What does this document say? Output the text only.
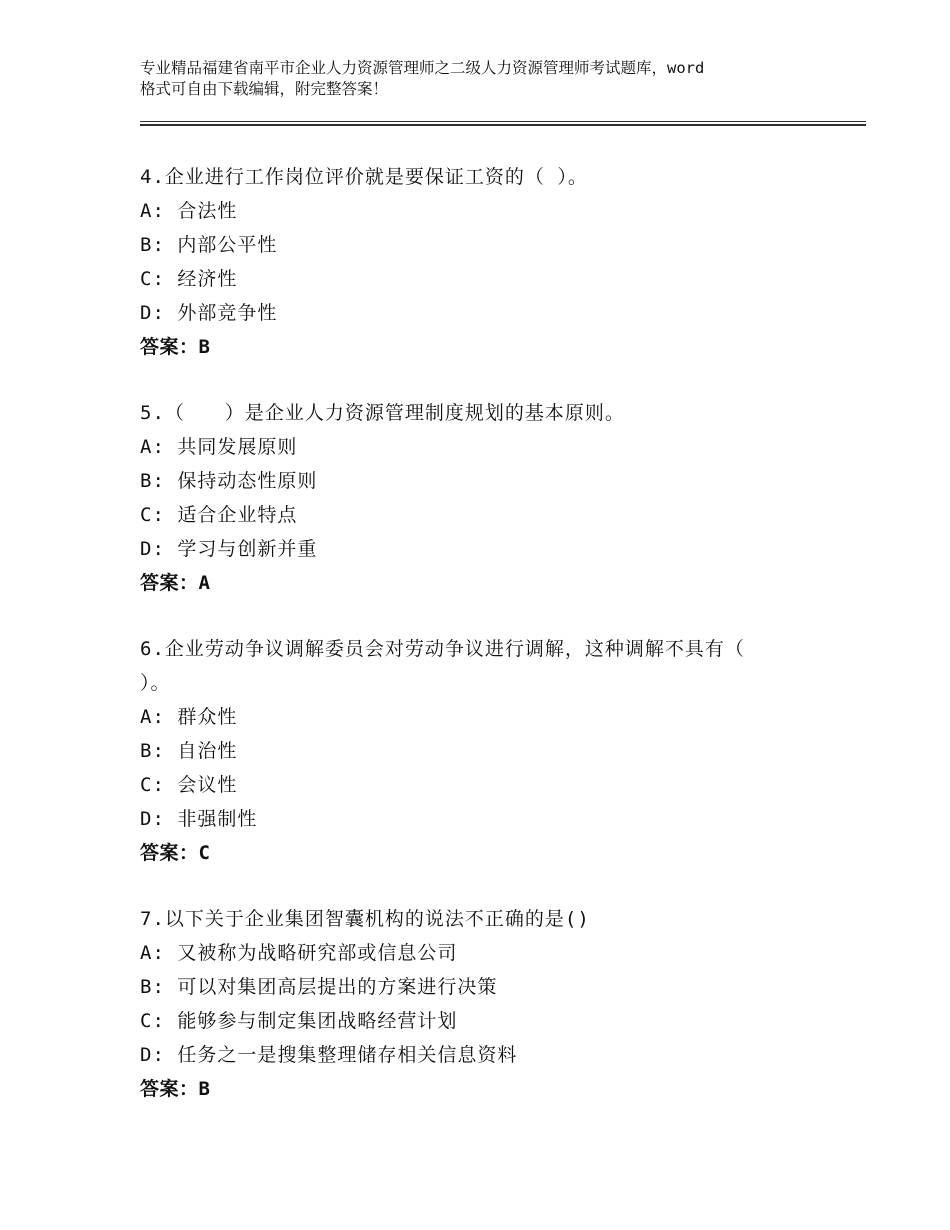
专业精品福建省南平市企业人力资源管理师之二级人力资源管理师考试题库，word
格式可自由下载编辑，附完整答案！
4.企业进行工作岗位评价就是要保证工资的（ ）。
A: 合法性
B: 内部公平性
C: 经济性
D: 外部竞争性
答案：B
5.（　　）是企业人力资源管理制度规划的基本原则。
A: 共同发展原则
B: 保持动态性原则
C: 适合企业特点
D: 学习与创新并重
答案：A
6.企业劳动争议调解委员会对劳动争议进行调解，这种调解不具有（
）。
A: 群众性
B: 自治性
C: 会议性
D: 非强制性
答案：C
7.以下关于企业集团智囊机构的说法不正确的是()
A: 又被称为战略研究部或信息公司
B: 可以对集团高层提出的方案进行决策
C: 能够参与制定集团战略经营计划
D: 任务之一是搜集整理储存相关信息资料
答案：B
